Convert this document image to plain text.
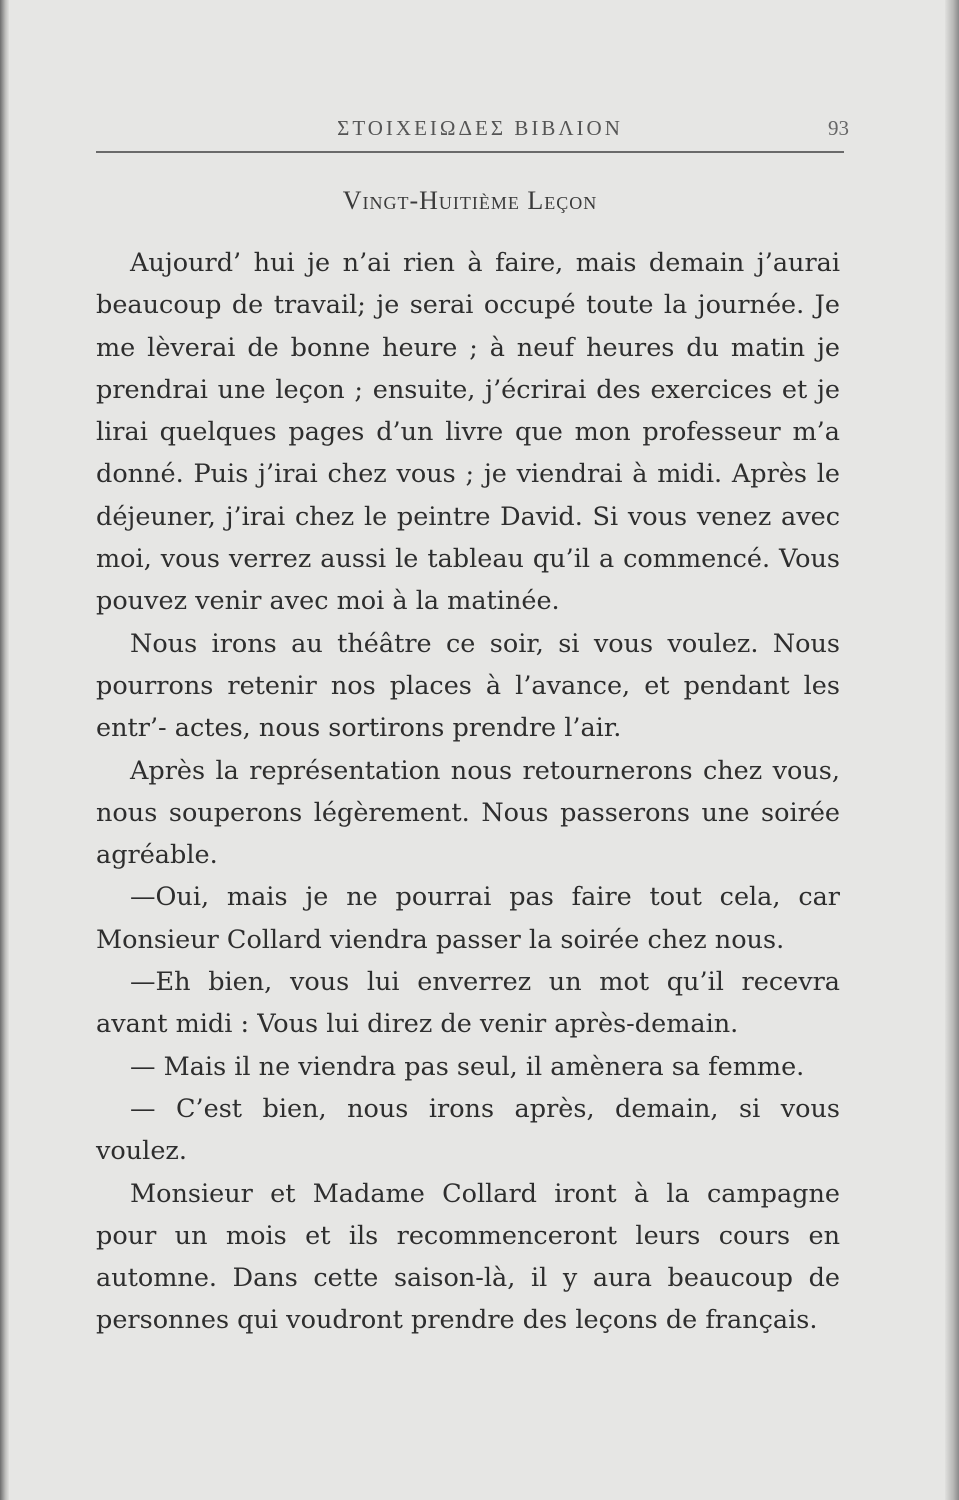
ΣΤΟΙΧΕΙΩΔΕΣ ΒΙΒΛΙΟΝ	93
Vingt-Huitième Leçon

Aujourd’ hui je n’ai rien à faire, mais demain j’aurai beaucoup de travail; je serai occupé toute la journée. Je me lèverai de bonne heure ; à neuf heures du matin je prendrai une leçon ; ensuite, j’écrirai des exercices et je lirai quelques pages d’un livre que mon professeur m’a donné. Puis j’irai chez vous ; je viendrai à midi. Après le déjeuner, j’irai chez le peintre David. Si vous venez avec moi, vous verrez aussi le tableau qu’il a commencé. Vous pouvez venir avec moi à la matinée.

Nous irons au théâtre ce soir, si vous voulez. Nous pourrons retenir nos places à l’avance, et pendant les entr’- actes, nous sortirons prendre l’air.

Après la représentation nous retournerons chez vous, nous souperons légèrement. Nous passerons une soirée agréable.

—Oui, mais je ne pourrai pas faire tout cela, car Monsieur Collard viendra passer la soirée chez nous.

—Eh bien, vous lui enverrez un mot qu’il recevra avant midi : Vous lui direz de venir après-demain.

— Mais il ne viendra pas seul, il amènera sa femme.

— C’est bien, nous irons après, demain, si vous voulez.

Monsieur et Madame Collard iront à la campagne pour un mois et ils recommenceront leurs cours en automne. Dans cette saison-là, il y aura beaucoup de personnes qui voudront prendre des leçons de français.
